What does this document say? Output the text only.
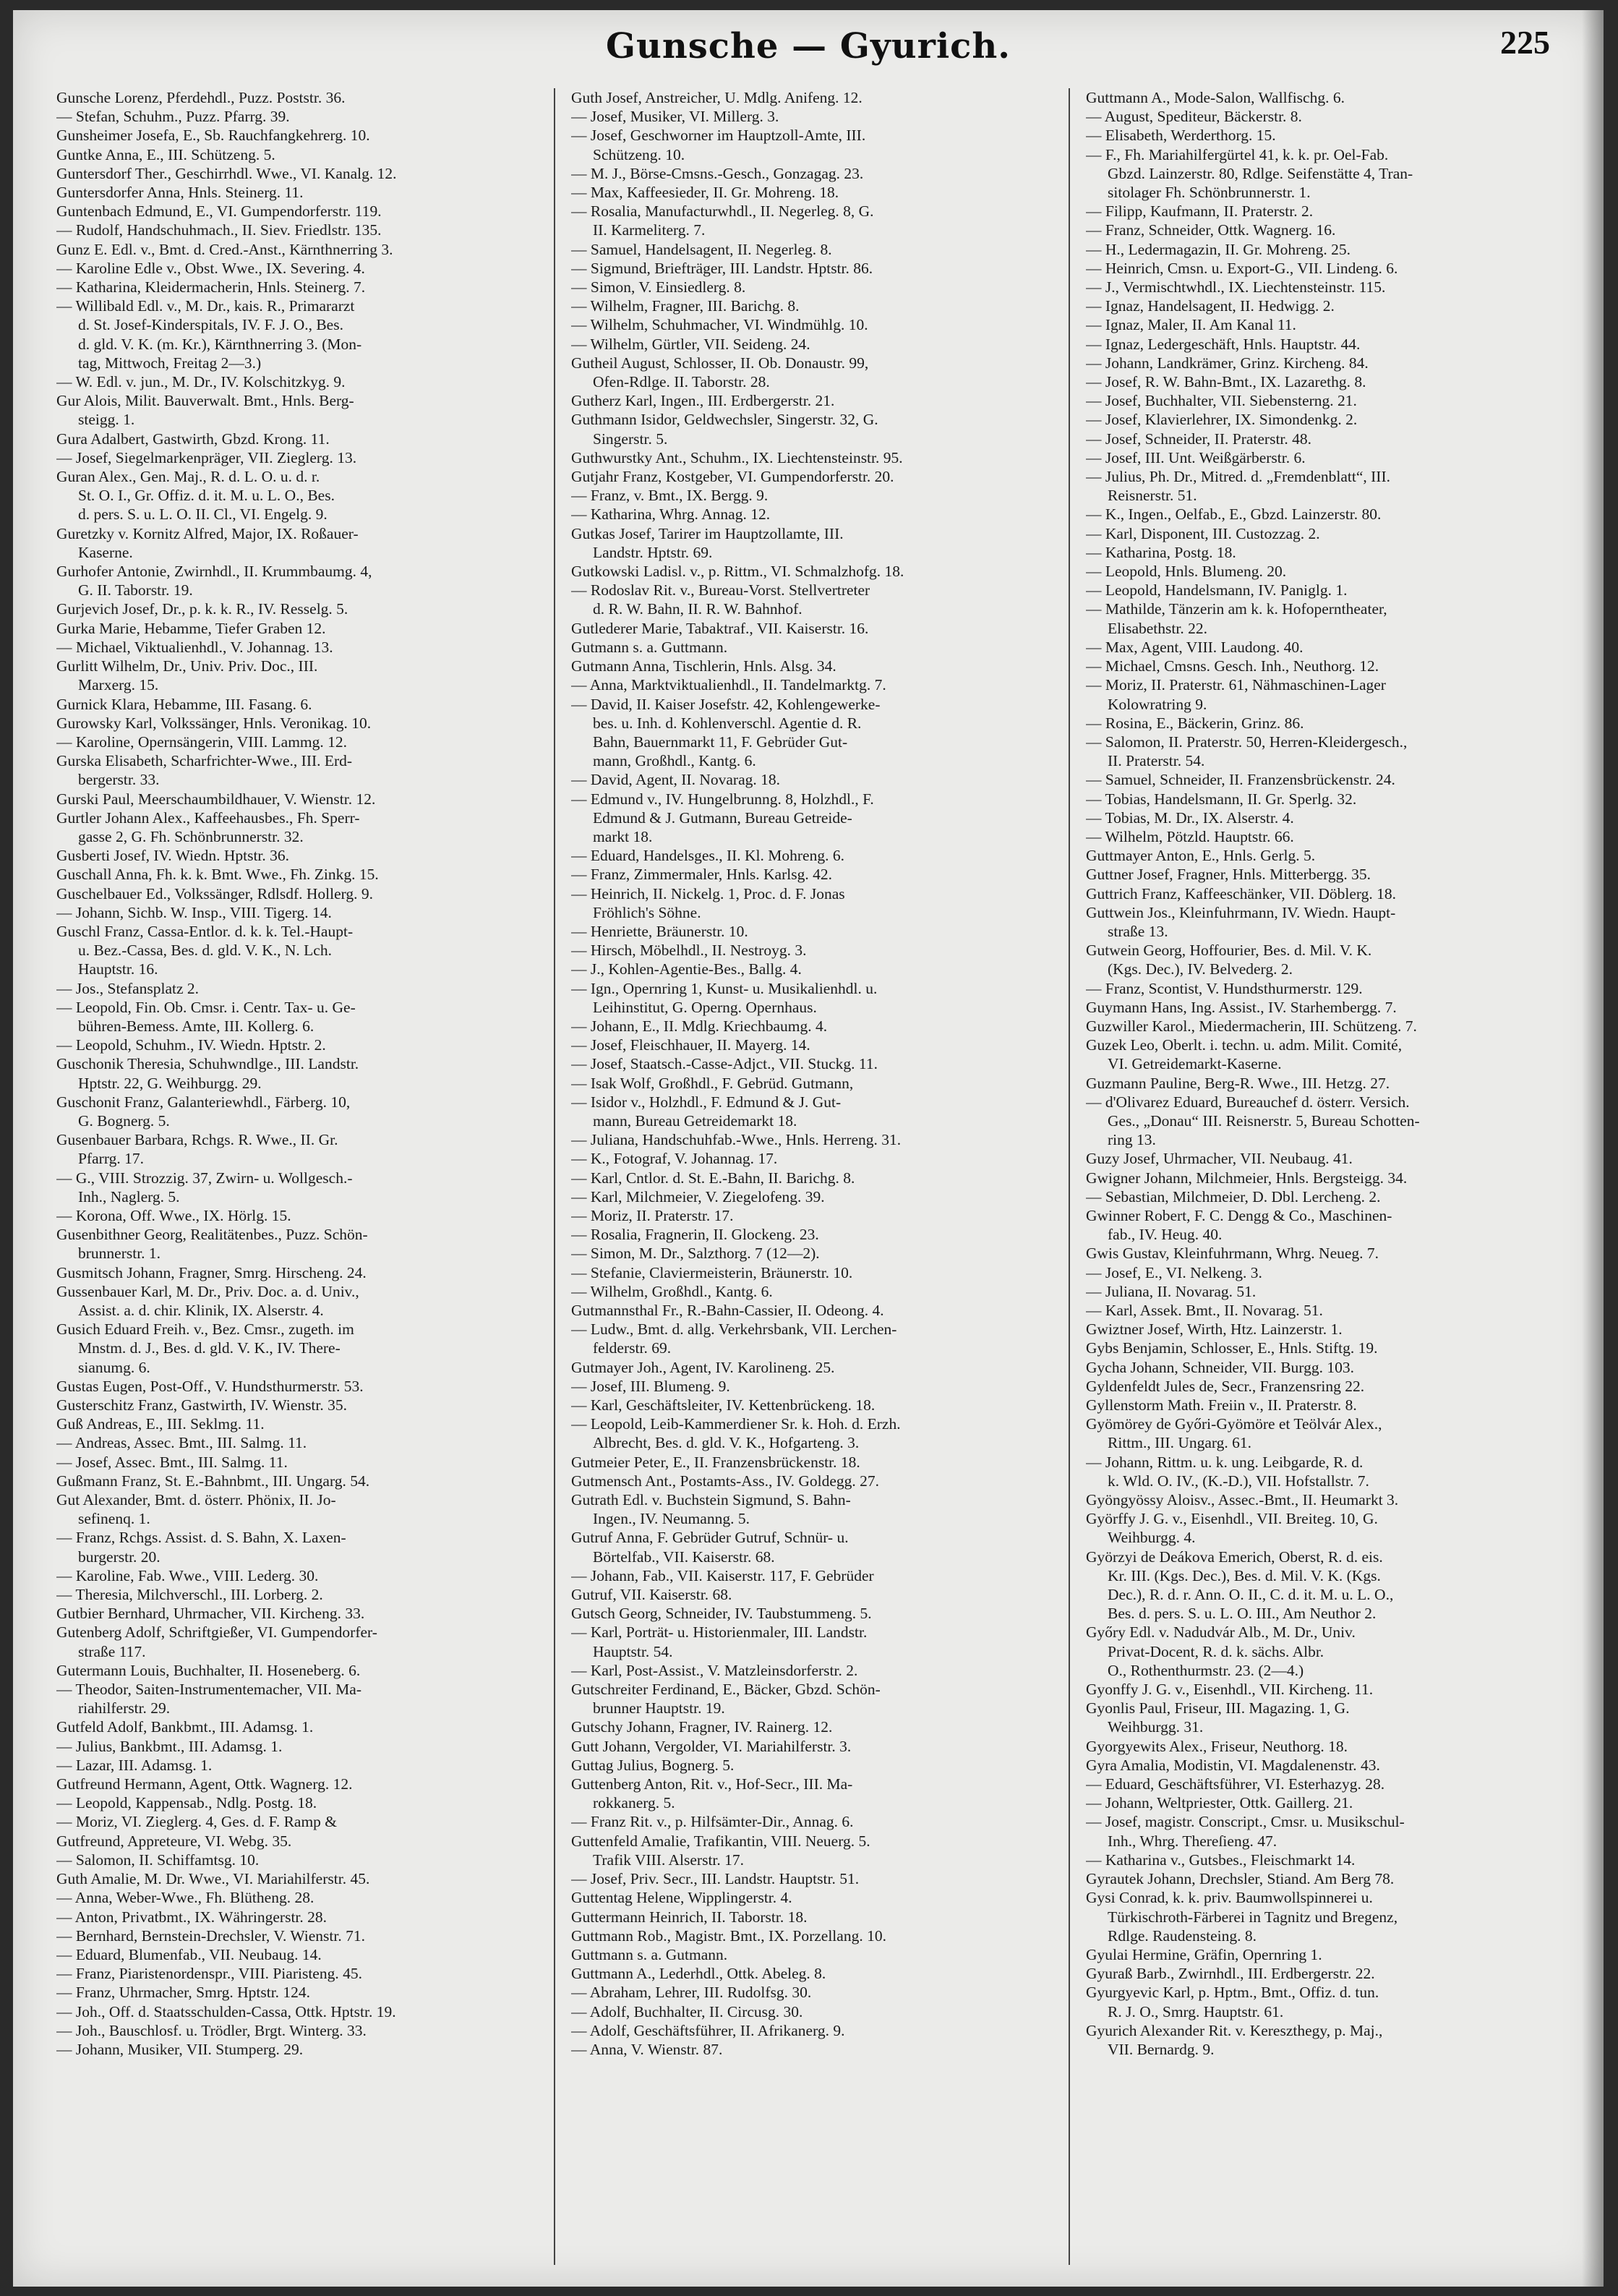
Gunsche — Gyurich.	225
Gunsche Lorenz, Pferdehdl., Puzz. Poststr. 36.
— Stefan, Schuhm., Puzz. Pfarrg. 39.
Gunsheimer Josefa, E., Sb. Rauchfangkehrerg. 10.
Guntke Anna, E., III. Schützeng. 5.
Guntersdorf Ther., Geschirrhdl. Wwe., VI. Kanalg. 12.
Guntersdorfer Anna, Hnls. Steinerg. 11.
Guntenbach Edmund, E., VI. Gumpendorferstr. 119.
— Rudolf, Handschuhmach., II. Siev. Friedlstr. 135.
Gunz E. Edl. v., Bmt. d. Cred.-Anst., Kärnthnerring 3.
— Karoline Edle v., Obst. Wwe., IX. Severing. 4.
— Katharina, Kleidermacherin, Hnls. Steinerg. 7.
— Willibald Edl. v., M. Dr., kais. R., Primararzt
d. St. Josef-Kinderspitals, IV. F. J. O., Bes.
d. gld. V. K. (m. Kr.), Kärnthnerring 3. (Mon-
tag, Mittwoch, Freitag 2—3.)
— W. Edl. v. jun., M. Dr., IV. Kolschitzkyg. 9.
Gur Alois, Milit. Bauverwalt. Bmt., Hnls. Berg-
steigg. 1.
Gura Adalbert, Gastwirth, Gbzd. Krong. 11.
— Josef, Siegelmarkenpräger, VII. Zieglerg. 13.
Guran Alex., Gen. Maj., R. d. L. O. u. d. r.
St. O. I., Gr. Offiz. d. it. M. u. L. O., Bes.
d. pers. S. u. L. O. II. Cl., VI. Engelg. 9.
Guretzky v. Kornitz Alfred, Major, IX. Roßauer-
Kaserne.
Gurhofer Antonie, Zwirnhdl., II. Krummbaumg. 4,
G. II. Taborstr. 19.
Gurjevich Josef, Dr., p. k. k. R., IV. Resselg. 5.
Gurka Marie, Hebamme, Tiefer Graben 12.
— Michael, Viktualienhdl., V. Johannag. 13.
Gurlitt Wilhelm, Dr., Univ. Priv. Doc., III.
Marxerg. 15.
Gurnick Klara, Hebamme, III. Fasang. 6.
Gurowsky Karl, Volkssänger, Hnls. Veronikag. 10.
— Karoline, Opernsängerin, VIII. Lammg. 12.
Gurska Elisabeth, Scharfrichter-Wwe., III. Erd-
bergerstr. 33.
Gurski Paul, Meerschaumbildhauer, V. Wienstr. 12.
Gurtler Johann Alex., Kaffeehausbes., Fh. Sperr-
gasse 2, G. Fh. Schönbrunnerstr. 32.
Gusberti Josef, IV. Wiedn. Hptstr. 36.
Guschall Anna, Fh. k. k. Bmt. Wwe., Fh. Zinkg. 15.
Guschelbauer Ed., Volkssänger, Rdlsdf. Hollerg. 9.
— Johann, Sichb. W. Insp., VIII. Tigerg. 14.
Guschl Franz, Cassa-Entlor. d. k. k. Tel.-Haupt-
u. Bez.-Cassa, Bes. d. gld. V. K., N. Lch.
Hauptstr. 16.
— Jos., Stefansplatz 2.
— Leopold, Fin. Ob. Cmsr. i. Centr. Tax- u. Ge-
bühren-Bemess. Amte, III. Kollerg. 6.
— Leopold, Schuhm., IV. Wiedn. Hptstr. 2.
Guschonik Theresia, Schuhwndlge., III. Landstr.
Hptstr. 22, G. Weihburgg. 29.
Guschonit Franz, Galanteriewhdl., Färberg. 10,
G. Bognerg. 5.
Gusenbauer Barbara, Rchgs. R. Wwe., II. Gr.
Pfarrg. 17.
— G., VIII. Strozzig. 37, Zwirn- u. Wollgesch.-
Inh., Naglerg. 5.
— Korona, Off. Wwe., IX. Hörlg. 15.
Gusenbithner Georg, Realitätenbes., Puzz. Schön-
brunnerstr. 1.
Gusmitsch Johann, Fragner, Smrg. Hirscheng. 24.
Gussenbauer Karl, M. Dr., Priv. Doc. a. d. Univ.,
Assist. a. d. chir. Klinik, IX. Alserstr. 4.
Gusich Eduard Freih. v., Bez. Cmsr., zugeth. im
Mnstm. d. J., Bes. d. gld. V. K., IV. There-
sianumg. 6.
Gustas Eugen, Post-Off., V. Hundsthurmerstr. 53.
Gusterschitz Franz, Gastwirth, IV. Wienstr. 35.
Guß Andreas, E., III. Seklmg. 11.
— Andreas, Assec. Bmt., III. Salmg. 11.
— Josef, Assec. Bmt., III. Salmg. 11.
Gußmann Franz, St. E.-Bahnbmt., III. Ungarg. 54.
Gut Alexander, Bmt. d. österr. Phönix, II. Jo-
sefinenq. 1.
— Franz, Rchgs. Assist. d. S. Bahn, X. Laxen-
burgerstr. 20.
— Karoline, Fab. Wwe., VIII. Lederg. 30.
— Theresia, Milchverschl., III. Lorberg. 2.
Gutbier Bernhard, Uhrmacher, VII. Kircheng. 33.
Gutenberg Adolf, Schriftgießer, VI. Gumpendorfer-
straße 117.
Gutermann Louis, Buchhalter, II. Hoseneberg. 6.
— Theodor, Saiten-Instrumentemacher, VII. Ma-
riahilferstr. 29.
Gutfeld Adolf, Bankbmt., III. Adamsg. 1.
— Julius, Bankbmt., III. Adamsg. 1.
— Lazar, III. Adamsg. 1.
Gutfreund Hermann, Agent, Ottk. Wagnerg. 12.
— Leopold, Kappensab., Ndlg. Postg. 18.
— Moriz, VI. Zieglerg. 4, Ges. d. F. Ramp &
Gutfreund, Appreteure, VI. Webg. 35.
— Salomon, II. Schiffamtsg. 10.
Guth Amalie, M. Dr. Wwe., VI. Mariahilferstr. 45.
— Anna, Weber-Wwe., Fh. Blütheng. 28.
— Anton, Privatbmt., IX. Währingerstr. 28.
— Bernhard, Bernstein-Drechsler, V. Wienstr. 71.
— Eduard, Blumenfab., VII. Neubaug. 14.
— Franz, Piaristenordenspr., VIII. Piaristeng. 45.
— Franz, Uhrmacher, Smrg. Hptstr. 124.
— Joh., Off. d. Staatsschulden-Cassa, Ottk. Hptstr. 19.
— Joh., Bauschlosf. u. Trödler, Brgt. Winterg. 33.
— Johann, Musiker, VII. Stumperg. 29.
Guth Josef, Anstreicher, U. Mdlg. Anifeng. 12.
— Josef, Musiker, VI. Millerg. 3.
— Josef, Geschworner im Hauptzoll-Amte, III.
Schützeng. 10.
— M. J., Börse-Cmsns.-Gesch., Gonzagag. 23.
— Max, Kaffeesieder, II. Gr. Mohreng. 18.
— Rosalia, Manufacturwhdl., II. Negerleg. 8, G.
II. Karmeliterg. 7.
— Samuel, Handelsagent, II. Negerleg. 8.
— Sigmund, Briefträger, III. Landstr. Hptstr. 86.
— Simon, V. Einsiedlerg. 8.
— Wilhelm, Fragner, III. Barichg. 8.
— Wilhelm, Schuhmacher, VI. Windmühlg. 10.
— Wilhelm, Gürtler, VII. Seideng. 24.
Gutheil August, Schlosser, II. Ob. Donaustr. 99,
Ofen-Rdlge. II. Taborstr. 28.
Gutherz Karl, Ingen., III. Erdbergerstr. 21.
Guthmann Isidor, Geldwechsler, Singerstr. 32, G.
Singerstr. 5.
Guthwurstky Ant., Schuhm., IX. Liechtensteinstr. 95.
Gutjahr Franz, Kostgeber, VI. Gumpendorferstr. 20.
— Franz, v. Bmt., IX. Bergg. 9.
— Katharina, Whrg. Annag. 12.
Gutkas Josef, Tarirer im Hauptzollamte, III.
Landstr. Hptstr. 69.
Gutkowski Ladisl. v., p. Rittm., VI. Schmalzhofg. 18.
— Rodoslav Rit. v., Bureau-Vorst. Stellvertreter
d. R. W. Bahn, II. R. W. Bahnhof.
Gutlederer Marie, Tabaktraf., VII. Kaiserstr. 16.
Gutmann s. a. Guttmann.
Gutmann Anna, Tischlerin, Hnls. Alsg. 34.
— Anna, Marktviktualienhdl., II. Tandelmarktg. 7.
— David, II. Kaiser Josefstr. 42, Kohlengewerke-
bes. u. Inh. d. Kohlenverschl. Agentie d. R.
Bahn, Bauernmarkt 11, F. Gebrüder Gut-
mann, Großhdl., Kantg. 6.
— David, Agent, II. Novarag. 18.
— Edmund v., IV. Hungelbrunng. 8, Holzhdl., F.
Edmund & J. Gutmann, Bureau Getreide-
markt 18.
— Eduard, Handelsges., II. Kl. Mohreng. 6.
— Franz, Zimmermaler, Hnls. Karlsg. 42.
— Heinrich, II. Nickelg. 1, Proc. d. F. Jonas
Fröhlich's Söhne.
— Henriette, Bräunerstr. 10.
— Hirsch, Möbelhdl., II. Nestroyg. 3.
— J., Kohlen-Agentie-Bes., Ballg. 4.
— Ign., Opernring 1, Kunst- u. Musikalienhdl. u.
Leihinstitut, G. Operng. Opernhaus.
— Johann, E., II. Mdlg. Kriechbaumg. 4.
— Josef, Fleischhauer, II. Mayerg. 14.
— Josef, Staatsch.-Casse-Adjct., VII. Stuckg. 11.
— Isak Wolf, Großhdl., F. Gebrüd. Gutmann,
— Isidor v., Holzhdl., F. Edmund & J. Gut-
mann, Bureau Getreidemarkt 18.
— Juliana, Handschuhfab.-Wwe., Hnls. Herreng. 31.
— K., Fotograf, V. Johannag. 17.
— Karl, Cntlor. d. St. E.-Bahn, II. Barichg. 8.
— Karl, Milchmeier, V. Ziegelofeng. 39.
— Moriz, II. Praterstr. 17.
— Rosalia, Fragnerin, II. Glockeng. 23.
— Simon, M. Dr., Salzthorg. 7 (12—2).
— Stefanie, Claviermeisterin, Bräunerstr. 10.
— Wilhelm, Großhdl., Kantg. 6.
Gutmannsthal Fr., R.-Bahn-Cassier, II. Odeong. 4.
— Ludw., Bmt. d. allg. Verkehrsbank, VII. Lerchen-
felderstr. 69.
Gutmayer Joh., Agent, IV. Karolineng. 25.
— Josef, III. Blumeng. 9.
— Karl, Geschäftsleiter, IV. Kettenbrückeng. 18.
— Leopold, Leib-Kammerdiener Sr. k. Hoh. d. Erzh.
Albrecht, Bes. d. gld. V. K., Hofgarteng. 3.
Gutmeier Peter, E., II. Franzensbrückenstr. 18.
Gutmensch Ant., Postamts-Ass., IV. Goldegg. 27.
Gutrath Edl. v. Buchstein Sigmund, S. Bahn-
Ingen., IV. Neumanng. 5.
Gutruf Anna, F. Gebrüder Gutruf, Schnür- u.
Börtelfab., VII. Kaiserstr. 68.
— Johann, Fab., VII. Kaiserstr. 117, F. Gebrüder
Gutruf, VII. Kaiserstr. 68.
Gutsch Georg, Schneider, IV. Taubstummeng. 5.
— Karl, Porträt- u. Historienmaler, III. Landstr.
Hauptstr. 54.
— Karl, Post-Assist., V. Matzleinsdorferstr. 2.
Gutschreiter Ferdinand, E., Bäcker, Gbzd. Schön-
brunner Hauptstr. 19.
Gutschy Johann, Fragner, IV. Rainerg. 12.
Gutt Johann, Vergolder, VI. Mariahilferstr. 3.
Guttag Julius, Bognerg. 5.
Guttenberg Anton, Rit. v., Hof-Secr., III. Ma-
rokkanerg. 5.
— Franz Rit. v., p. Hilfsämter-Dir., Annag. 6.
Guttenfeld Amalie, Trafikantin, VIII. Neuerg. 5.
Trafik VIII. Alserstr. 17.
— Josef, Priv. Secr., III. Landstr. Hauptstr. 51.
Guttentag Helene, Wipplingerstr. 4.
Guttermann Heinrich, II. Taborstr. 18.
Guttmann Rob., Magistr. Bmt., IX. Porzellang. 10.
Guttmann s. a. Gutmann.
Guttmann A., Lederhdl., Ottk. Abeleg. 8.
— Abraham, Lehrer, III. Rudolfsg. 30.
— Adolf, Buchhalter, II. Circusg. 30.
— Adolf, Geschäftsführer, II. Afrikanerg. 9.
— Anna, V. Wienstr. 87.
Guttmann A., Mode-Salon, Wallfischg. 6.
— August, Spediteur, Bäckerstr. 8.
— Elisabeth, Werderthorg. 15.
— F., Fh. Mariahilfergürtel 41, k. k. pr. Oel-Fab.
Gbzd. Lainzerstr. 80, Rdlge. Seifenstätte 4, Tran-
sitolager Fh. Schönbrunnerstr. 1.
— Filipp, Kaufmann, II. Praterstr. 2.
— Franz, Schneider, Ottk. Wagnerg. 16.
— H., Ledermagazin, II. Gr. Mohreng. 25.
— Heinrich, Cmsn. u. Export-G., VII. Lindeng. 6.
— J., Vermischtwhdl., IX. Liechtensteinstr. 115.
— Ignaz, Handelsagent, II. Hedwigg. 2.
— Ignaz, Maler, II. Am Kanal 11.
— Ignaz, Ledergeschäft, Hnls. Hauptstr. 44.
— Johann, Landkrämer, Grinz. Kircheng. 84.
— Josef, R. W. Bahn-Bmt., IX. Lazarethg. 8.
— Josef, Buchhalter, VII. Siebensterng. 21.
— Josef, Klavierlehrer, IX. Simondenkg. 2.
— Josef, Schneider, II. Praterstr. 48.
— Josef, III. Unt. Weißgärberstr. 6.
— Julius, Ph. Dr., Mitred. d. „Fremdenblatt“, III.
Reisnerstr. 51.
— K., Ingen., Oelfab., E., Gbzd. Lainzerstr. 80.
— Karl, Disponent, III. Custozzag. 2.
— Katharina, Postg. 18.
— Leopold, Hnls. Blumeng. 20.
— Leopold, Handelsmann, IV. Paniglg. 1.
— Mathilde, Tänzerin am k. k. Hofoperntheater,
Elisabethstr. 22.
— Max, Agent, VIII. Laudong. 40.
— Michael, Cmsns. Gesch. Inh., Neuthorg. 12.
— Moriz, II. Praterstr. 61, Nähmaschinen-Lager
Kolowratring 9.
— Rosina, E., Bäckerin, Grinz. 86.
— Salomon, II. Praterstr. 50, Herren-Kleidergesch.,
II. Praterstr. 54.
— Samuel, Schneider, II. Franzensbrückenstr. 24.
— Tobias, Handelsmann, II. Gr. Sperlg. 32.
— Tobias, M. Dr., IX. Alserstr. 4.
— Wilhelm, Pötzld. Hauptstr. 66.
Guttmayer Anton, E., Hnls. Gerlg. 5.
Guttner Josef, Fragner, Hnls. Mitterbergg. 35.
Guttrich Franz, Kaffeeschänker, VII. Döblerg. 18.
Guttwein Jos., Kleinfuhrmann, IV. Wiedn. Haupt-
straße 13.
Gutwein Georg, Hoffourier, Bes. d. Mil. V. K.
(Kgs. Dec.), IV. Belvederg. 2.
— Franz, Scontist, V. Hundsthurmerstr. 129.
Guymann Hans, Ing. Assist., IV. Starhembergg. 7.
Guzwiller Karol., Miedermacherin, III. Schützeng. 7.
Guzek Leo, Oberlt. i. techn. u. adm. Milit. Comité,
VI. Getreidemarkt-Kaserne.
Guzmann Pauline, Berg-R. Wwe., III. Hetzg. 27.
— d'Olivarez Eduard, Bureauchef d. österr. Versich.
Ges., „Donau“ III. Reisnerstr. 5, Bureau Schotten-
ring 13.
Guzy Josef, Uhrmacher, VII. Neubaug. 41.
Gwigner Johann, Milchmeier, Hnls. Bergsteigg. 34.
— Sebastian, Milchmeier, D. Dbl. Lercheng. 2.
Gwinner Robert, F. C. Dengg & Co., Maschinen-
fab., IV. Heug. 40.
Gwis Gustav, Kleinfuhrmann, Whrg. Neueg. 7.
— Josef, E., VI. Nelkeng. 3.
— Juliana, II. Novarag. 51.
— Karl, Assek. Bmt., II. Novarag. 51.
Gwiztner Josef, Wirth, Htz. Lainzerstr. 1.
Gybs Benjamin, Schlosser, E., Hnls. Stiftg. 19.
Gycha Johann, Schneider, VII. Burgg. 103.
Gyldenfeldt Jules de, Secr., Franzensring 22.
Gyllenstorm Math. Freiin v., II. Praterstr. 8.
Gyömörey de Győri-Gyömöre et Teölvár Alex.,
Rittm., III. Ungarg. 61.
— Johann, Rittm. u. k. ung. Leibgarde, R. d.
k. Wld. O. IV., (K.-D.), VII. Hofstallstr. 7.
Gyöngyössy Aloisv., Assec.-Bmt., II. Heumarkt 3.
Györffy J. G. v., Eisenhdl., VII. Breiteg. 10, G.
Weihburgg. 4.
Györzyi de Deákova Emerich, Oberst, R. d. eis.
Kr. III. (Kgs. Dec.), Bes. d. Mil. V. K. (Kgs.
Dec.), R. d. r. Ann. O. II., C. d. it. M. u. L. O.,
Bes. d. pers. S. u. L. O. III., Am Neuthor 2.
Győry Edl. v. Nadudvár Alb., M. Dr., Univ.
Privat-Docent, R. d. k. sächs. Albr.
O., Rothenthurmstr. 23. (2—4.)
Gyonffy J. G. v., Eisenhdl., VII. Kircheng. 11.
Gyonlis Paul, Friseur, III. Magazing. 1, G.
Weihburgg. 31.
Gyorgyewits Alex., Friseur, Neuthorg. 18.
Gyra Amalia, Modistin, VI. Magdalenenstr. 43.
— Eduard, Geschäftsführer, VI. Esterhazyg. 28.
— Johann, Weltpriester, Ottk. Gaillerg. 21.
— Josef, magistr. Conscript., Cmsr. u. Musikschul-
Inh., Whrg. Thereſieng. 47.
— Katharina v., Gutsbes., Fleischmarkt 14.
Gyrautek Johann, Drechsler, Stiand. Am Berg 78.
Gysi Conrad, k. k. priv. Baumwollspinnerei u.
Türkischroth-Färberei in Tagnitz und Bregenz,
Rdlge. Raudensteing. 8.
Gyulai Hermine, Gräfin, Opernring 1.
Gyuraß Barb., Zwirnhdl., III. Erdbergerstr. 22.
Gyurgyevic Karl, p. Hptm., Bmt., Offiz. d. tun.
R. J. O., Smrg. Hauptstr. 61.
Gyurich Alexander Rit. v. Kereszthegy, p. Maj.,
VII. Bernardg. 9.
